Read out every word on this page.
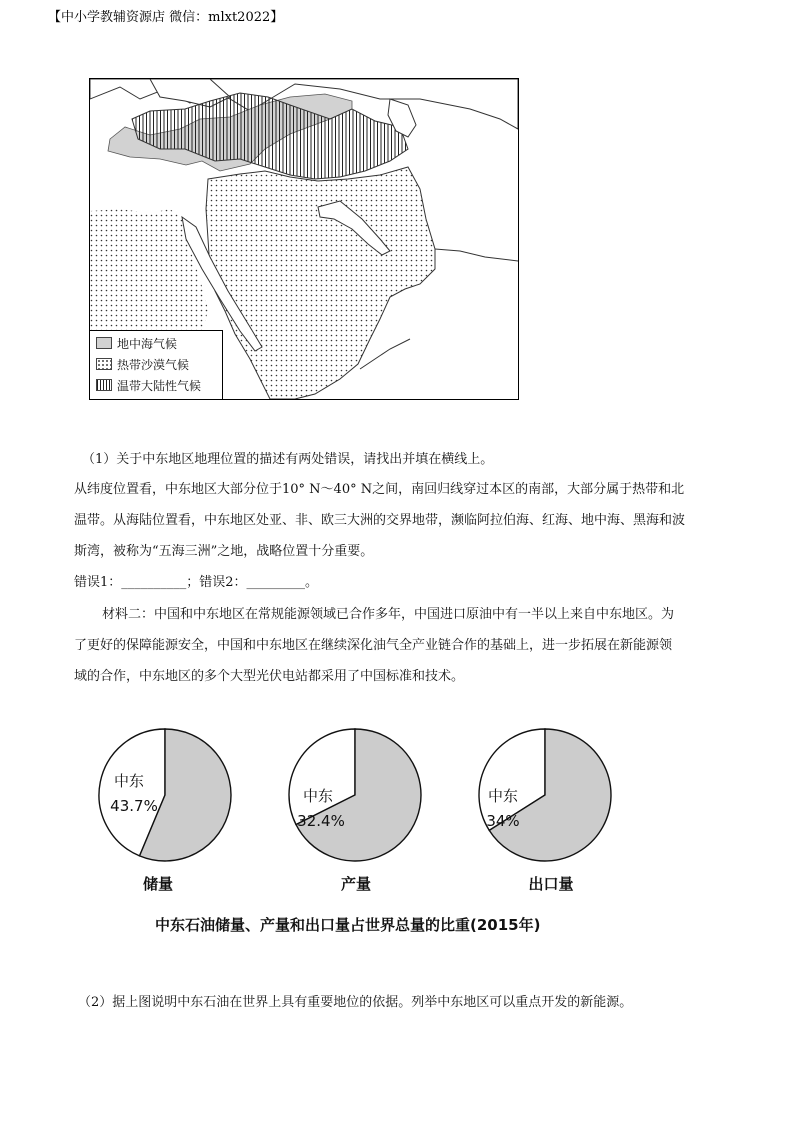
【中小学教辅资源店 微信：mlxt2022】
地中海气候
热带沙漠气候
温带大陆性气候
（1）关于中东地区地理位置的描述有两处错误，请找出并填在横线上。
从纬度位置看，中东地区大部分位于10° N～40° N之间，南回归线穿过本区的南部，大部分属于热带和北
温带。从海陆位置看，中东地区处亚、非、欧三大洲的交界地带，濒临阿拉伯海、红海、地中海、黑海和波
斯湾，被称为“五海三洲”之地，战略位置十分重要。
错误1：__________；错误2：_________。
材料二：中国和中东地区在常规能源领域已合作多年，中国进口原油中有一半以上来自中东地区。为
了更好的保障能源安全，中国和中东地区在继续深化油气全产业链合作的基础上，进一步拓展在新能源领
域的合作，中东地区的多个大型光伏电站都采用了中国标准和技术。
中东
43.7%
中东
32.4%
中东
34%
储量	产量	出口量
中东石油储量、产量和出口量占世界总量的比重(2015年)
（2）据上图说明中东石油在世界上具有重要地位的依据。列举中东地区可以重点开发的新能源。
